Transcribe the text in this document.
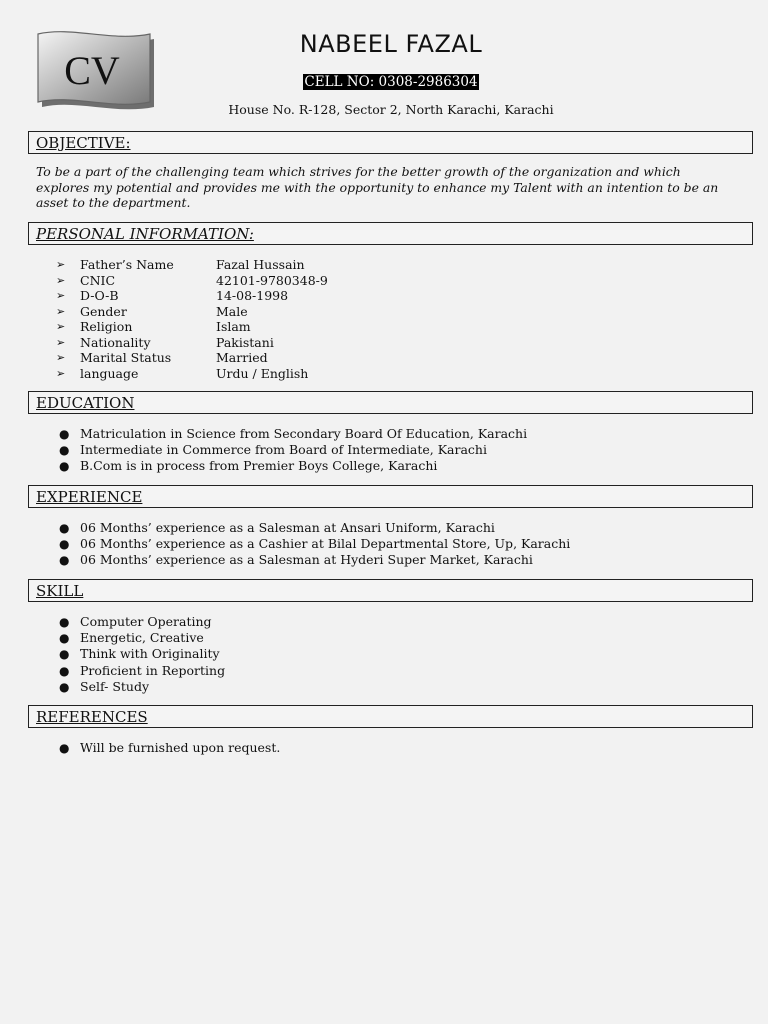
CV
NABEEL FAZAL
CELL NO: 0308-2986304
House No. R-128, Sector 2, North Karachi, Karachi
OBJECTIVE:
To be a part of the challenging team which strives for the better growth of the organization and which explores my potential and provides me with the opportunity to enhance my Talent with an intention to be an asset to the department.
PERSONAL INFORMATION:
➢	Father’s Name	Fazal Hussain
➢	CNIC	42101-9780348-9
➢	D-O-B	14-08-1998
➢	Gender	Male
➢	Religion	Islam
➢	Nationality	Pakistani
➢	Marital Status	Married
➢	language	Urdu / English
EDUCATION
● Matriculation in Science from Secondary Board Of Education, Karachi
● Intermediate in Commerce from Board of Intermediate, Karachi
● B.Com is in process from Premier Boys College, Karachi
EXPERIENCE
● 06 Months’ experience as a Salesman at Ansari Uniform, Karachi
● 06 Months’ experience as a Cashier at Bilal Departmental Store, Up, Karachi
● 06 Months’ experience as a Salesman at Hyderi Super Market, Karachi
SKILL
● Computer Operating
● Energetic, Creative
● Think with Originality
● Proficient in Reporting
● Self- Study
REFERENCES
● Will be furnished upon request.
